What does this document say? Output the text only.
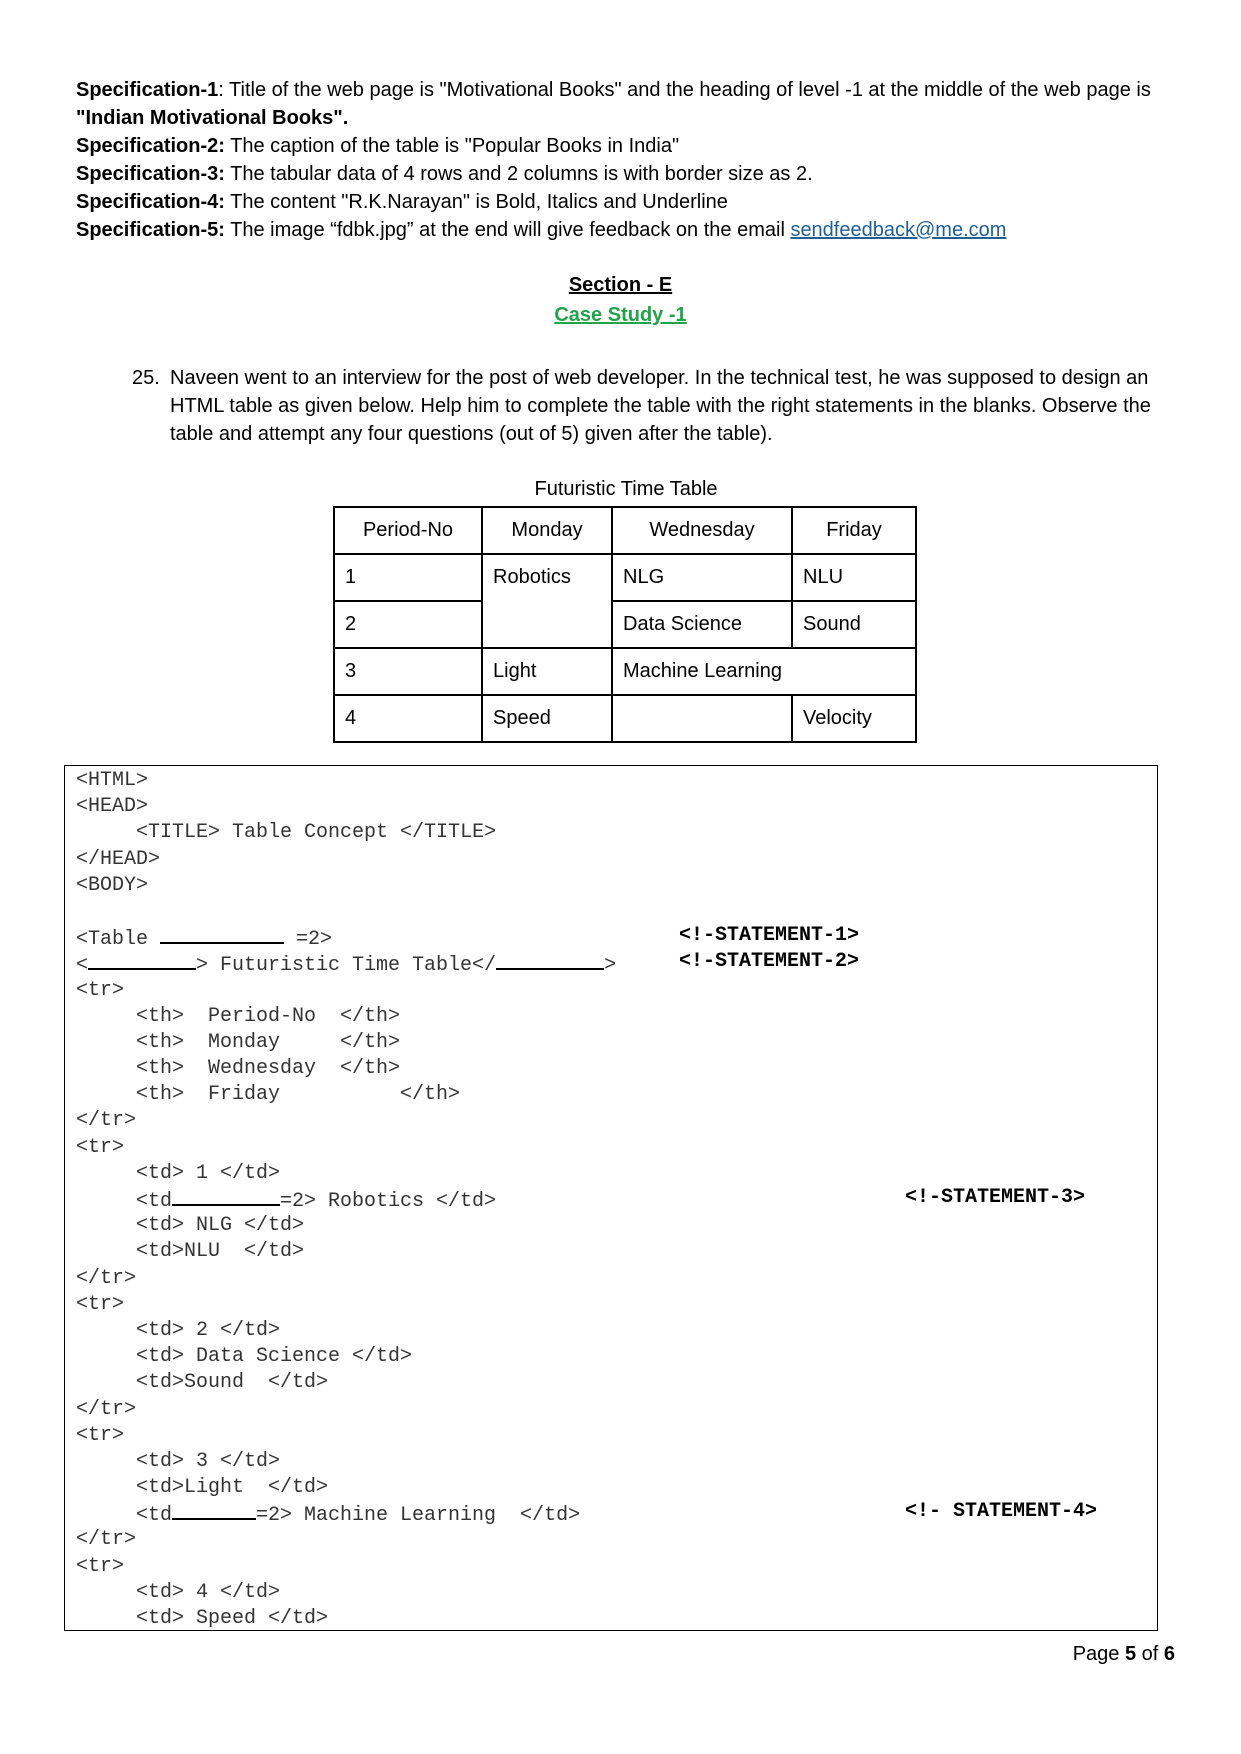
Specification-1: Title of the web page is "Motivational Books" and the heading of level -1 at the middle of the web page is "Indian Motivational Books".

Specification-2: The caption of the table is "Popular Books in India"

Specification-3: The tabular data of 4 rows and 2 columns is with border size as 2.

Specification-4: The content "R.K.Narayan" is Bold, Italics and Underline

Specification-5: The image “fdbk.jpg” at the end will give feedback on the email sendfeedback@me.com

Section - E
Case Study -1
25. Naveen went to an interview for the post of web developer. In the technical test, he was supposed to design an HTML table as given below. Help him to complete the table with the right statements in the blanks. Observe the table and attempt any four questions (out of 5) given after the table).
Futuristic Time Table
Period-No	Monday	Wednesday	Friday
1	Robotics	NLG	NLU
2		Data Science	Sound
3	Light	Machine Learning	
4	Speed		Velocity
<HTML>
<HEAD>
<TITLE> Table Concept </TITLE>
</HEAD>
<BODY>
<Table	=2>
<	> Futuristic Time Table</	>
<tr>
<th>  Period-No  </th>
<th>  Monday     </th>
<th>  Wednesday  </th>
<th>  Friday          </th>
</tr>
<tr>
<td> 1 </td>
<td	=2> Robotics </td>
<td> NLG </td>
<td>NLU  </td>
</tr>
<tr>
<td> 2 </td>
<td> Data Science </td>
<td>Sound  </td>
</tr>
<tr>
<td> 3 </td>
<td>Light  </td>
<td	=2> Machine Learning  </td>
</tr>
<tr>
<td> 4 </td>
<td> Speed </td>
<!-STATEMENT-1>
<!-STATEMENT-2>
<!-STATEMENT-3>
<!- STATEMENT-4>
Page 5 of 6
